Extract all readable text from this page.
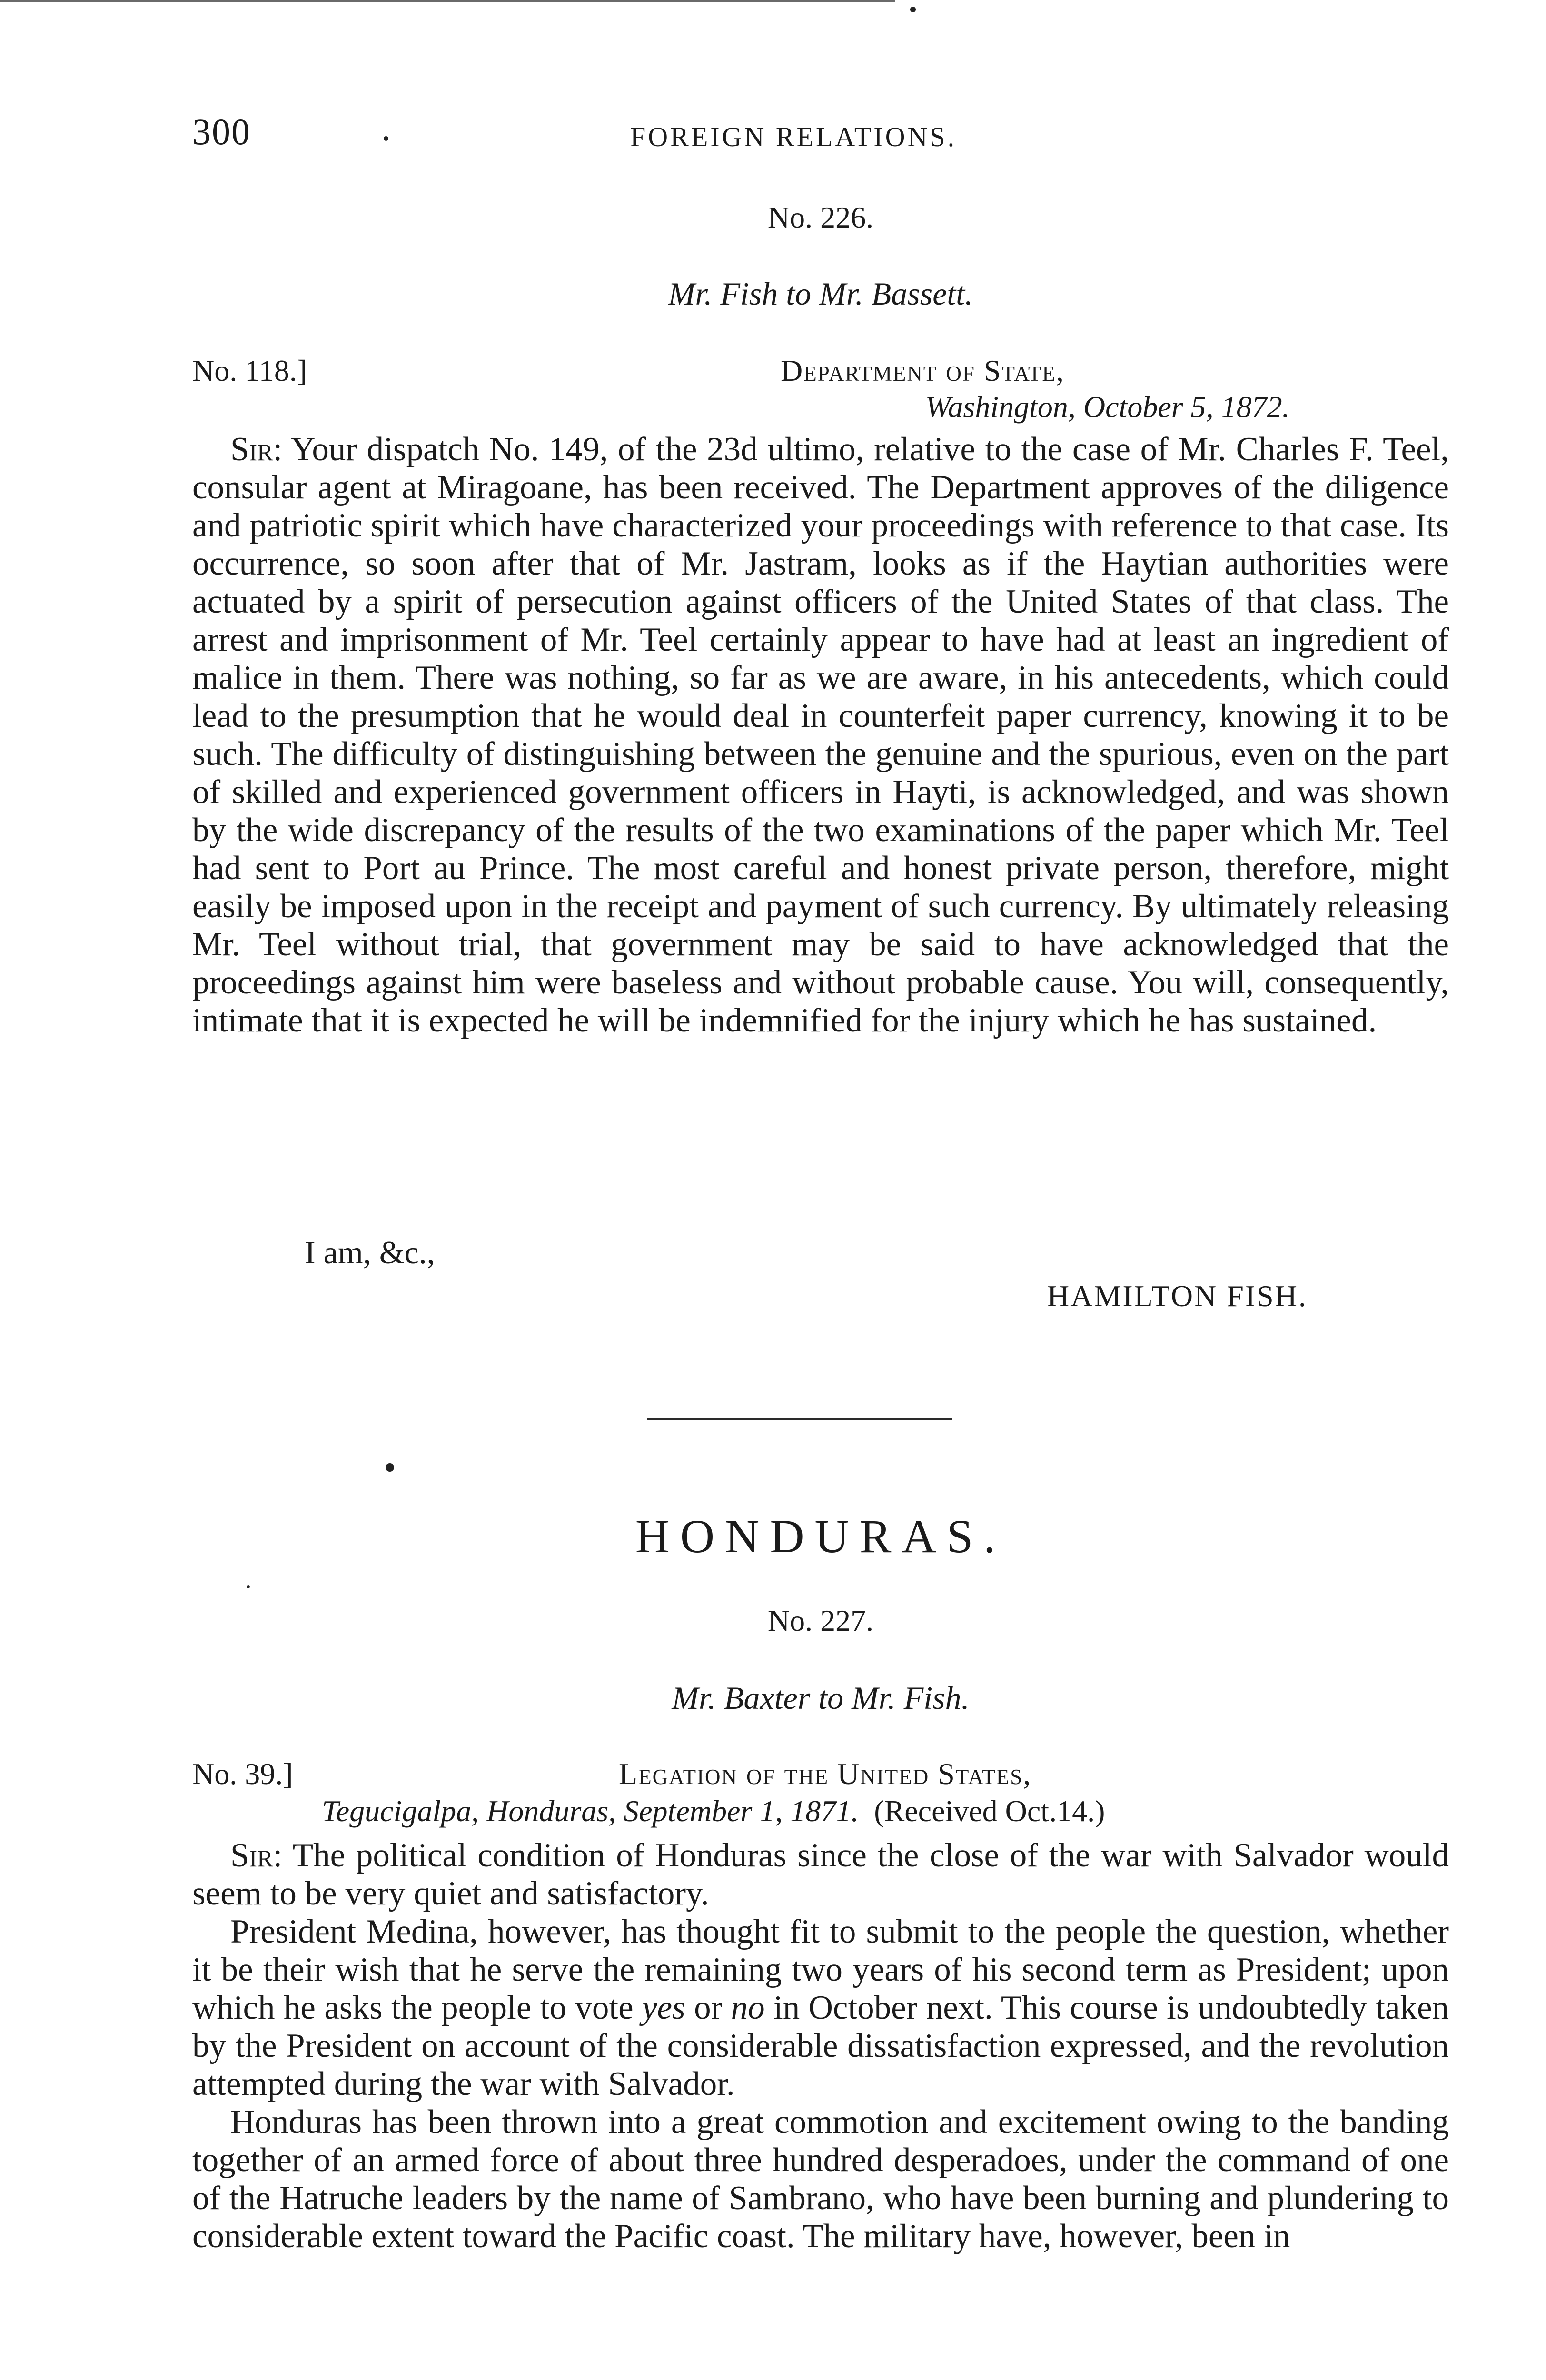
300	FOREIGN RELATIONS.
No. 226.
Mr. Fish to Mr. Bassett.
No. 118.]	Department of State,
Washington, October 5, 1872.

Sir: Your dispatch No. 149, of the 23d ultimo, relative to the case of Mr. Charles F. Teel, consular agent at Miragoane, has been received. The Department approves of the diligence and patriotic spirit which have characterized your proceedings with reference to that case. Its occurrence, so soon after that of Mr. Jastram, looks as if the Haytian authorities were actuated by a spirit of persecution against officers of the United States of that class. The arrest and imprisonment of Mr. Teel certainly appear to have had at least an ingredient of malice in them. There was nothing, so far as we are aware, in his antecedents, which could lead to the presumption that he would deal in counterfeit paper currency, knowing it to be such. The difficulty of distinguishing between the genuine and the spurious, even on the part of skilled and experienced government officers in Hayti, is acknowledged, and was shown by the wide discrepancy of the results of the two examinations of the paper which Mr. Teel had sent to Port au Prince. The most careful and honest private person, therefore, might easily be imposed upon in the receipt and payment of such currency. By ultimately releasing Mr. Teel without trial, that government may be said to have acknowledged that the proceedings against him were baseless and without probable cause. You will, consequently, intimate that it is expected he will be indemnified for the injury which he has sustained.

I am, &c.,
HAMILTON FISH.
HONDURAS.
No. 227.
Mr. Baxter to Mr. Fish.
No. 39.]	Legation of the United States,
Tegucigalpa, Honduras, September 1, 1871. (Received Oct.14.)

Sir: The political condition of Honduras since the close of the war with Salvador would seem to be very quiet and satisfactory.

President Medina, however, has thought fit to submit to the people the question, whether it be their wish that he serve the remaining two years of his second term as President; upon which he asks the people to vote yes or no in October next. This course is undoubtedly taken by the President on account of the considerable dissatisfaction expressed, and the revolution attempted during the war with Salvador.

Honduras has been thrown into a great commotion and excitement owing to the banding together of an armed force of about three hundred desperadoes, under the command of one of the Hatruche leaders by the name of Sambrano, who have been burning and plundering to considerable extent toward the Pacific coast. The military have, however, been in
